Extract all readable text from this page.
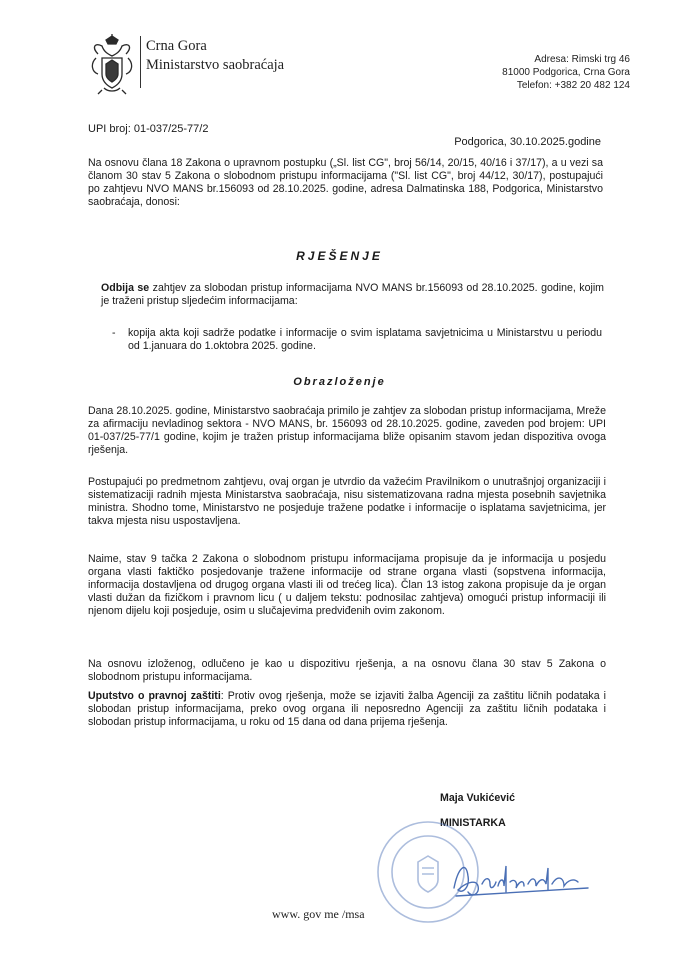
Crna Gora
Ministarstvo saobraćaja	Adresa: Rimski trg 46
81000 Podgorica, Crna Gora
Telefon: +382 20 482 124
UPI broj: 01-037/25-77/2
Podgorica, 30.10.2025.godine
Na osnovu člana 18 Zakona o upravnom postupku („Sl. list CG", broj 56/14, 20/15, 40/16 i 37/17), a u vezi sa članom 30 stav 5 Zakona o slobodnom pristupu informacijama ("Sl. list CG", broj 44/12, 30/17), postupajući po zahtjevu NVO MANS br.156093 od 28.10.2025. godine, adresa Dalmatinska 188, Podgorica, Ministarstvo saobraćaja, donosi:
RJEŠENJE
Odbija se zahtjev za slobodan pristup informacijama NVO MANS br.156093 od 28.10.2025. godine, kojim je traženi pristup sljedećim informacijama:
-	kopija akta koji sadrže podatke i informacije o svim isplatama savjetnicima u Ministarstvu u periodu od 1.januara do 1.oktobra 2025. godine.
Obrazloženje
Dana 28.10.2025. godine, Ministarstvo saobraćaja primilo je zahtjev za slobodan pristup informacijama, Mreže za afirmaciju nevladinog sektora - NVO MANS, br. 156093 od 28.10.2025. godine, zaveden pod brojem: UPI 01-037/25-77/1 godine, kojim je tražen pristup informacijama bliže opisanim stavom jedan dispozitiva ovoga rješenja.
Postupajući po predmetnom zahtjevu, ovaj organ je utvrdio da važećim Pravilnikom o unutrašnjoj organizaciji i sistematizaciji radnih mjesta Ministarstva saobraćaja, nisu sistematizovana radna mjesta posebnih savjetnika ministra. Shodno tome, Ministarstvo ne posjeduje tražene podatke i informacije o isplatama savjetnicima, jer takva mjesta nisu uspostavljena.
Naime, stav 9 tačka 2 Zakona o slobodnom pristupu informacijama propisuje da je informacija u posjedu organa vlasti faktičko posjedovanje tražene informacije od strane organa vlasti (sopstvena informacija, informacija dostavljena od drugog organa vlasti ili od trećeg lica). Član 13 istog zakona propisuje da je organ vlasti dužan da fizičkom i pravnom licu ( u daljem tekstu: podnosilac zahtjeva) omogući pristup informaciji ili njenom dijelu koji posjeduje, osim u slučajevima predviđenih ovim zakonom.
Na osnovu izloženog, odlučeno je kao u dispozitivu rješenja, a na osnovu člana 30 stav 5 Zakona o slobodnom pristupu informacijama.
Uputstvo o pravnoj zaštiti: Protiv ovog rješenja, može se izjaviti žalba Agenciji za zaštitu ličnih podataka i slobodan pristup informacijama, preko ovog organa ili neposredno Agenciji za zaštitu ličnih podataka i slobodan pristup informacijama, u roku od 15 dana od dana prijema rješenja.
Maja Vukićević
MINISTARKA
www. gov me /msa
